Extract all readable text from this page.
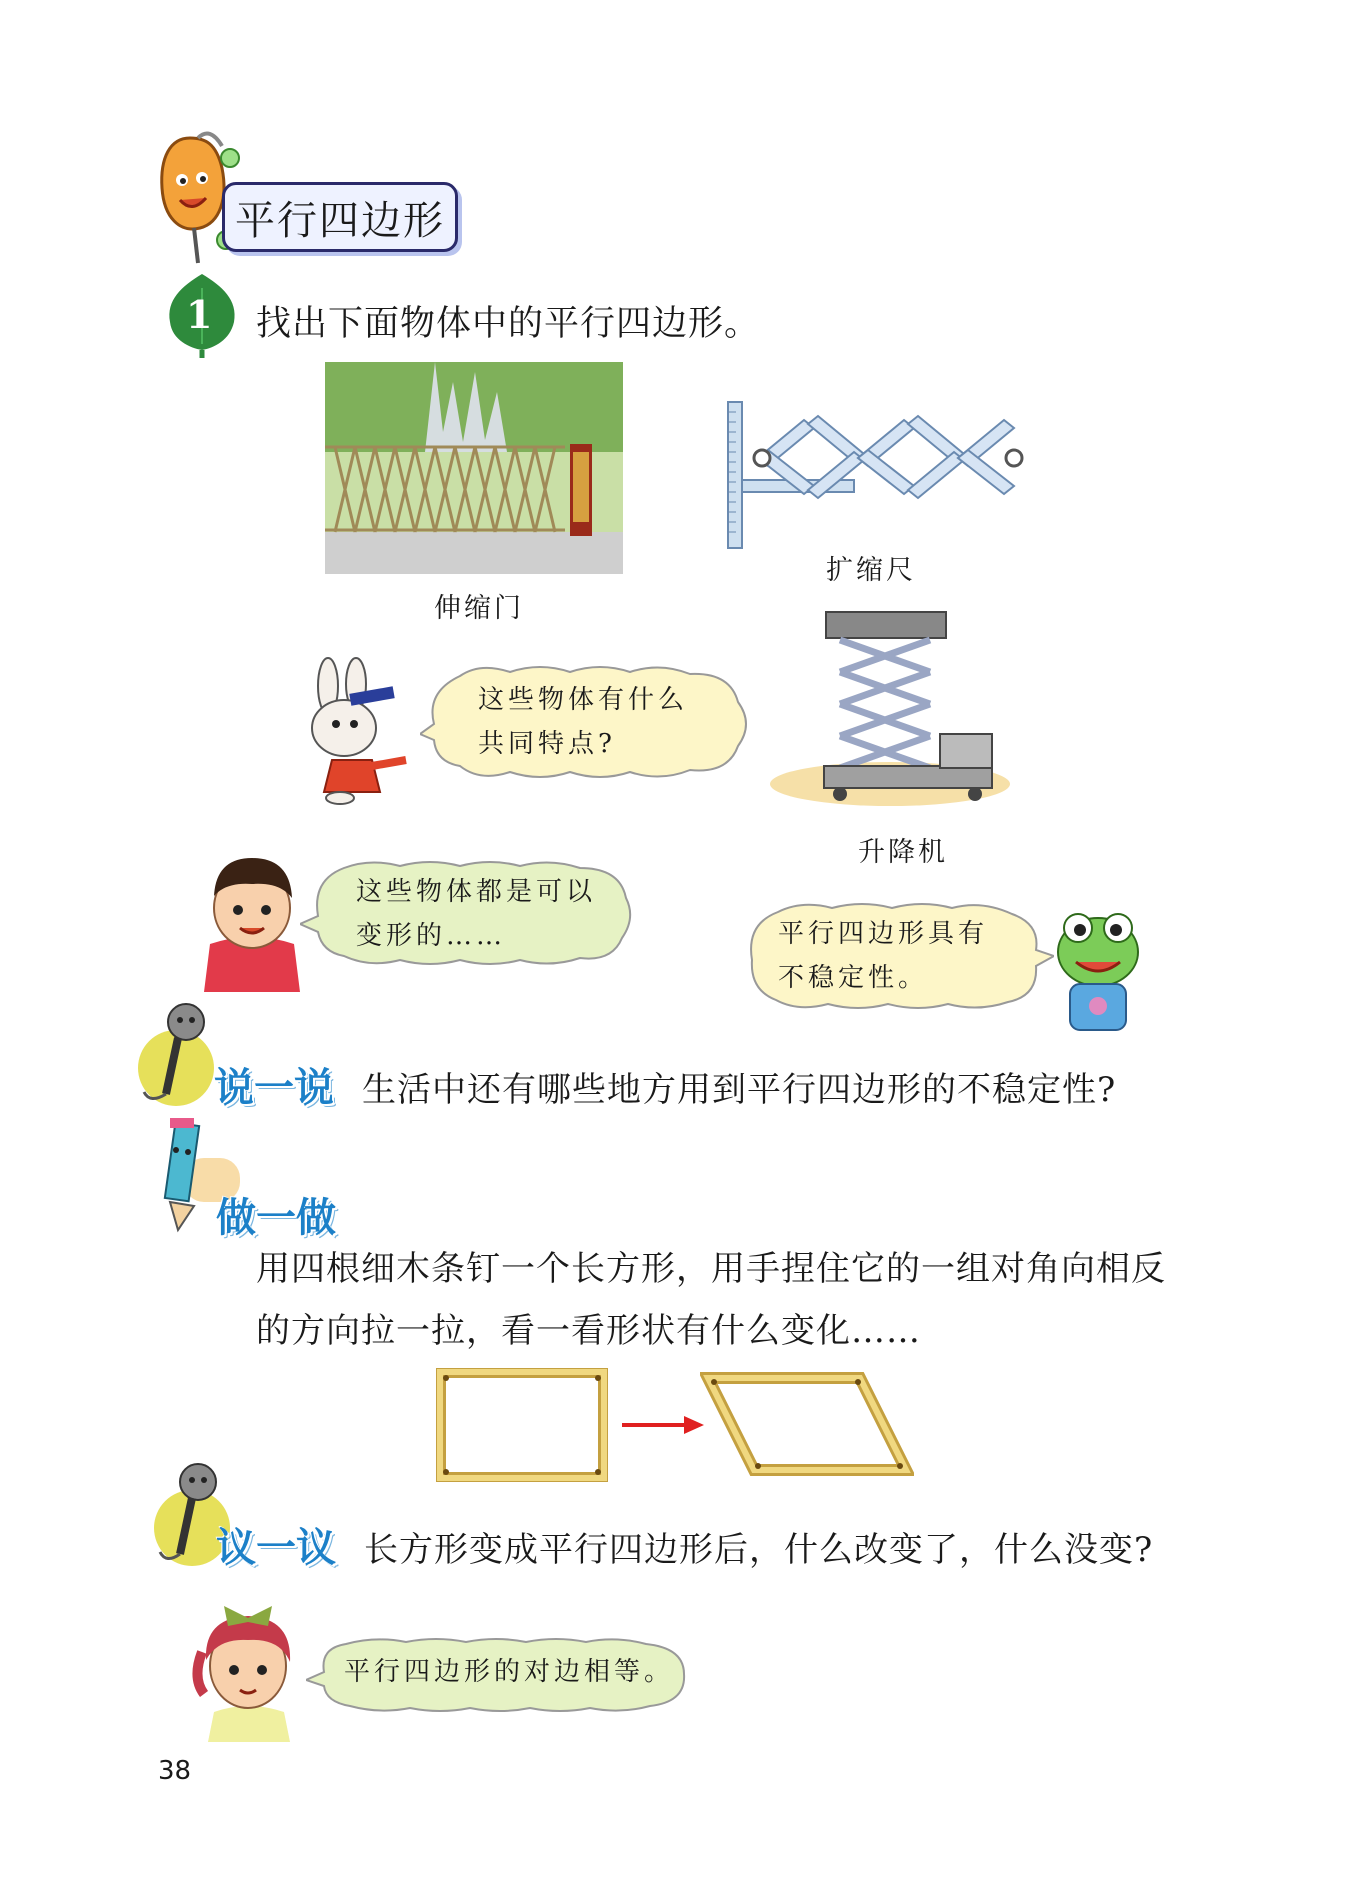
平行四边形
1 找出下面物体中的平行四边形。
伸缩门
扩缩尺
这些物体有什么
共同特点?
升降机
这些物体都是可以
变形的……	平行四边形具有
不稳定性。
说一说 生活中还有哪些地方用到平行四边形的不稳定性?
做一做
用四根细木条钉一个长方形，用手捏住它的一组对角向相反
的方向拉一拉，看一看形状有什么变化……
议一议 长方形变成平行四边形后，什么改变了，什么没变?
平行四边形的对边相等。
38
